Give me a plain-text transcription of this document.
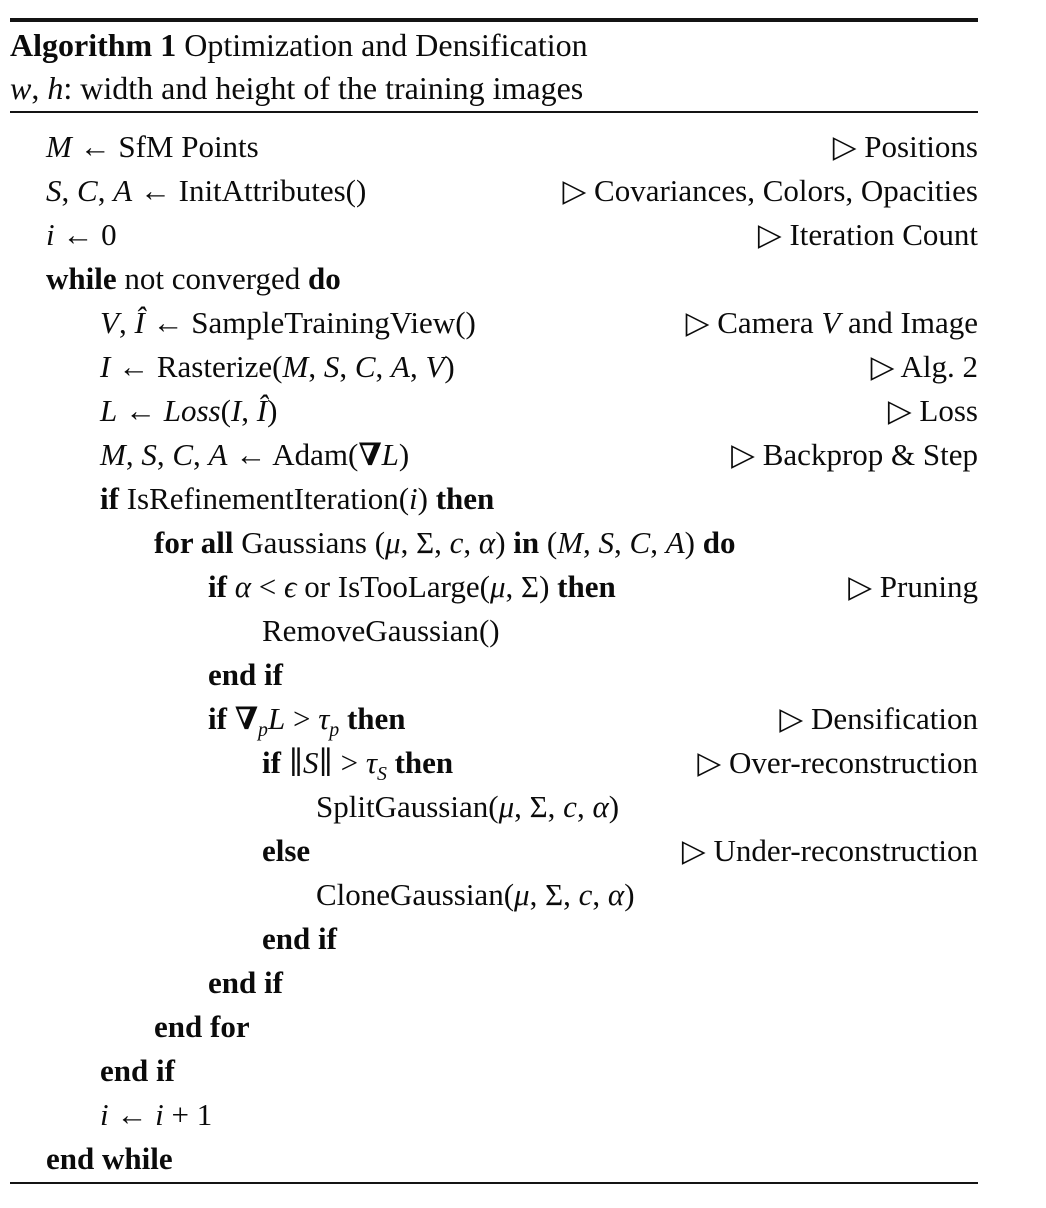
Algorithm 1 Optimization and Densification
w, h: width and height of the training images
M ← SfM Points	▷ Positions
S, C, A ← InitAttributes()	▷ Covariances, Colors, Opacities
i ← 0	▷ Iteration Count
while not converged do
V, Î ← SampleTrainingView()	▷ Camera V and Image
I ← Rasterize(M, S, C, A, V)	▷ Alg. 2
L ← Loss(I, Î)	▷ Loss
M, S, C, A ← Adam(∇L)	▷ Backprop & Step
if IsRefinementIteration(i) then
for all Gaussians (μ, Σ, c, α) in (M, S, C, A) do
if α < ϵ or IsTooLarge(μ, Σ) then	▷ Pruning
RemoveGaussian()
end if
if $\nabla_pL > \tau_p$ then	▷ Densification
if ∥S∥ > $\tau_S$ then	▷ Over-reconstruction
SplitGaussian(μ, Σ, c, α)
else	▷ Under-reconstruction
CloneGaussian(μ, Σ, c, α)
end if
end if
end for
end if
i ← i + 1
end while
